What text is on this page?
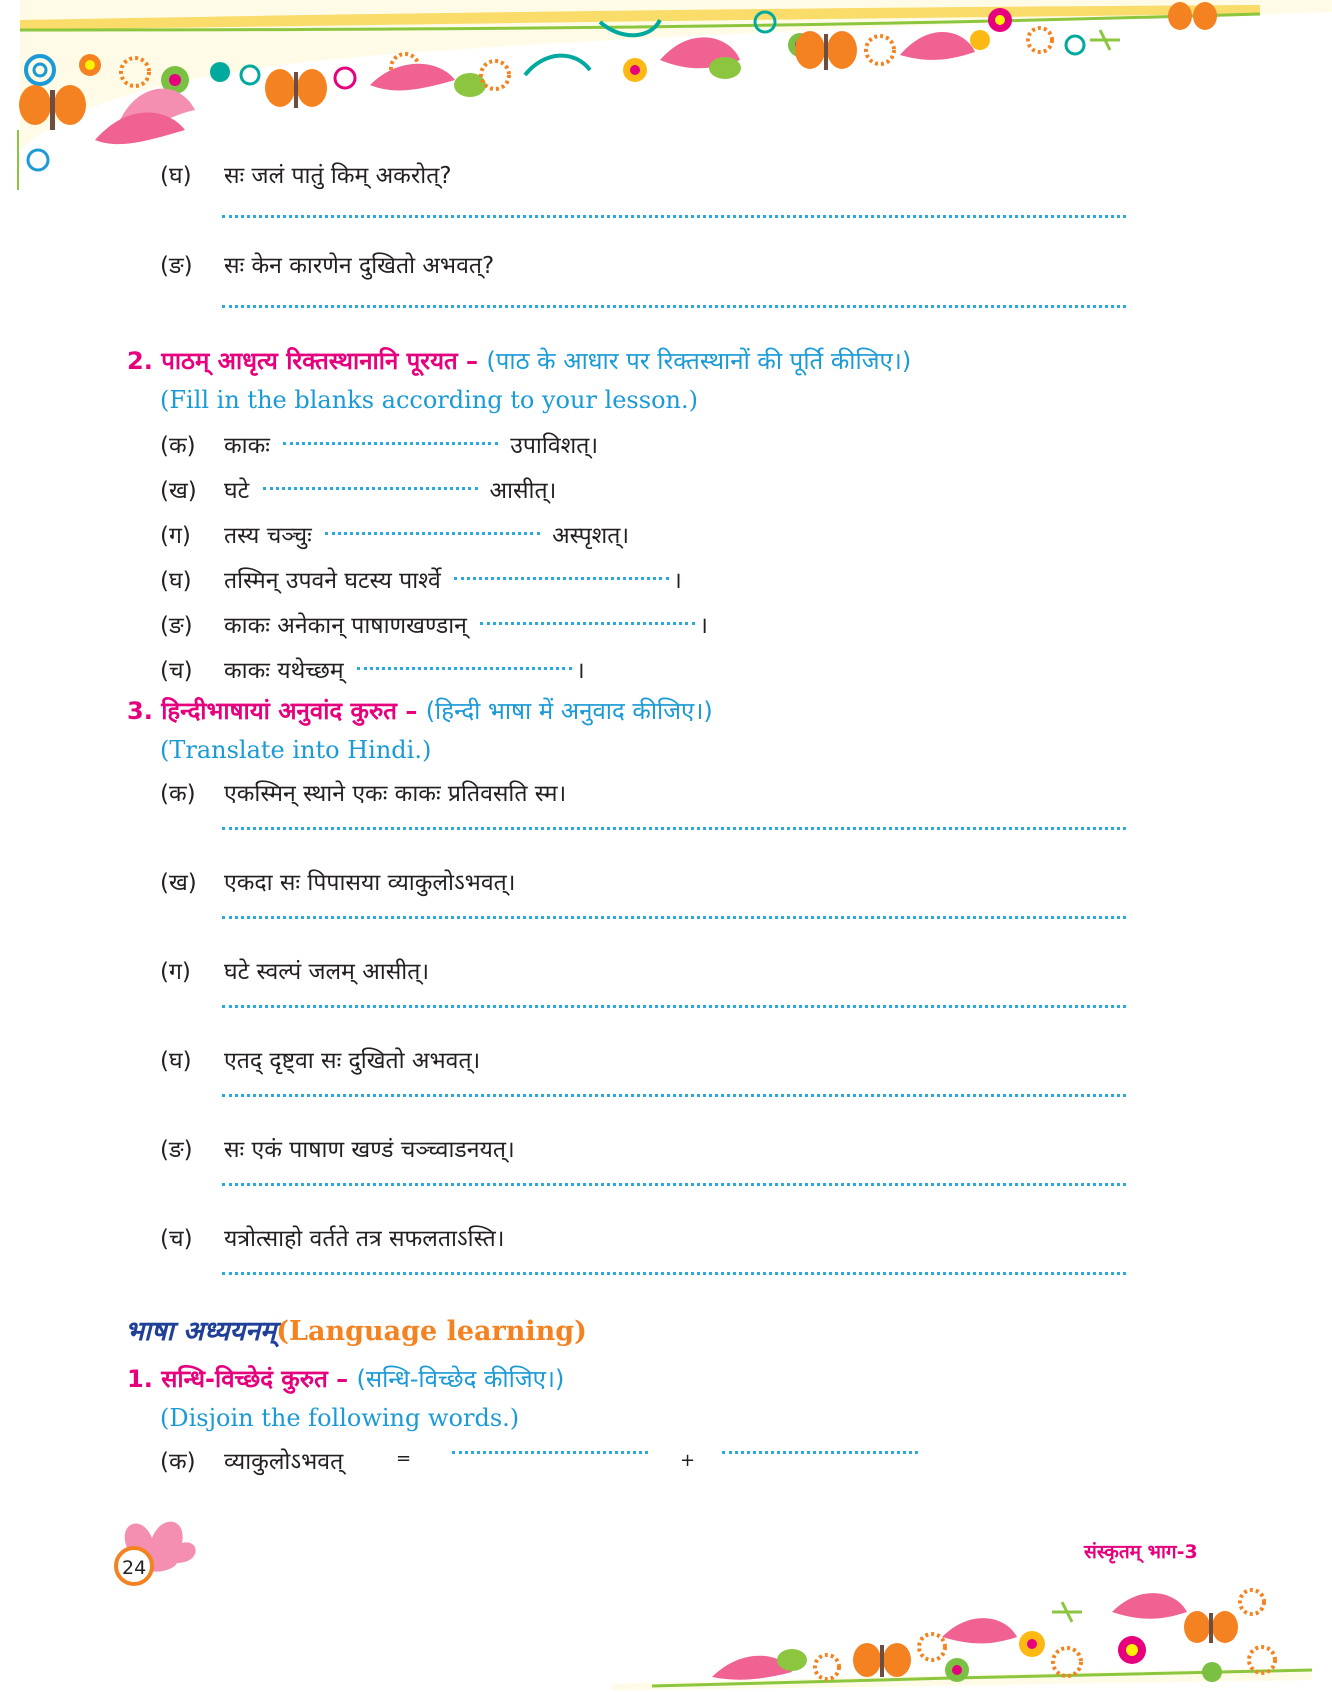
(घ) सः जलं पातुं किम् अकरोत्?
(ङ) सः केन कारणेन दुखितो अभवत्?
2. पाठम् आधृत्य रिक्तस्थानानि पूरयत – (पाठ के आधार पर रिक्तस्थानों की पूर्ति कीजिए।)
(Fill in the blanks according to your lesson.)
(क) काकः	उपाविशत्।
(ख) घटे	आसीत्।
(ग) तस्य चञ्चुः	अस्पृशत्।
(घ) तस्मिन् उपवने घटस्य पार्श्वे	।
(ङ) काकः अनेकान् पाषाणखण्डान्	।
(च) काकः यथेच्छम्	।
3. हिन्दीभाषायां अनुवांद कुरुत – (हिन्दी भाषा में अनुवाद कीजिए।)
(Translate into Hindi.)
(क) एकस्मिन् स्थाने एकः काकः प्रतिवसति स्म।
(ख) एकदा सः पिपासया व्याकुलोऽभवत्।
(ग) घटे स्वल्पं जलम् आसीत्।
(घ) एतद् दृष्ट्वा सः दुखितो अभवत्।
(ङ) सः एकं पाषाण खण्डं चञ्च्वाडनयत्।
(च) यत्रोत्साहो वर्तते तत्र सफलताऽस्ति।
भाषा अध्ययनम्(Language learning)
1. सन्धि-विच्छेदं कुरुत – (सन्धि-विच्छेद कीजिए।)
(Disjoin the following words.)
(क) व्याकुलोऽभवत्	=	+
24
संस्कृतम् भाग-3
